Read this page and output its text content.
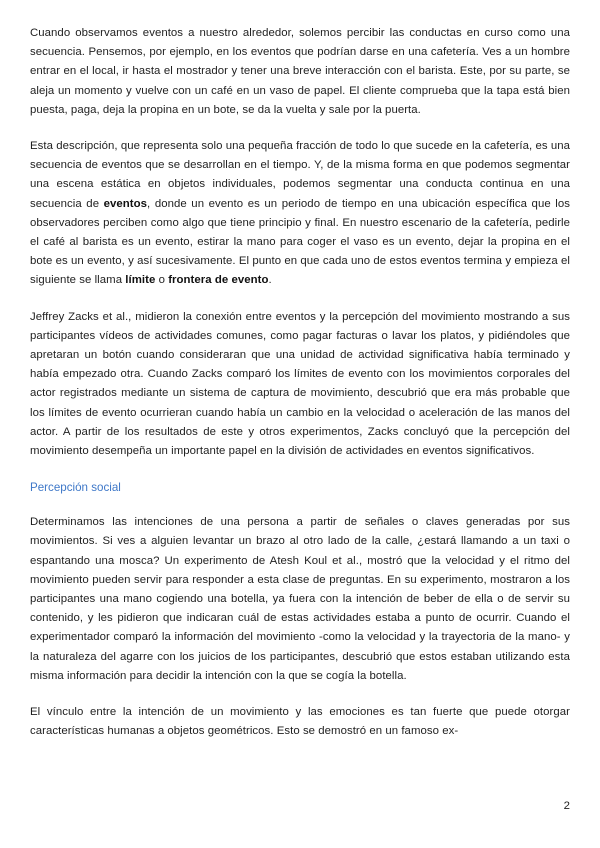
Cuando observamos eventos a nuestro alrededor, solemos percibir las conductas en curso como una secuencia. Pensemos, por ejemplo, en los eventos que podrían darse en una cafetería. Ves a un hombre entrar en el local, ir hasta el mostrador y tener una breve interacción con el barista. Este, por su parte, se aleja un momento y vuelve con un café en un vaso de papel. El cliente comprueba que la tapa está bien puesta, paga, deja la propina en un bote, se da la vuelta y sale por la puerta.

Esta descripción, que representa solo una pequeña fracción de todo lo que sucede en la cafetería, es una secuencia de eventos que se desarrollan en el tiempo. Y, de la misma forma en que podemos segmentar una escena estática en objetos individuales, podemos segmentar una conducta continua en una secuencia de eventos, donde un evento es un periodo de tiempo en una ubicación específica que los observadores perciben como algo que tiene principio y final. En nuestro escenario de la cafetería, pedirle el café al barista es un evento, estirar la mano para coger el vaso es un evento, dejar la propina en el bote es un evento, y así sucesivamente. El punto en que cada uno de estos eventos termina y empieza el siguiente se llama límite o frontera de evento.

Jeffrey Zacks et al., midieron la conexión entre eventos y la percepción del movimiento mostrando a sus participantes vídeos de actividades comunes, como pagar facturas o lavar los platos, y pidiéndoles que apretaran un botón cuando consideraran que una unidad de actividad significativa había terminado y había empezado otra. Cuando Zacks comparó los límites de evento con los movimientos corporales del actor registrados mediante un sistema de captura de movimiento, descubrió que era más probable que los límites de evento ocurrieran cuando había un cambio en la velocidad o aceleración de las manos del actor. A partir de los resultados de este y otros experimentos, Zacks concluyó que la percepción del movimiento desempeña un importante papel en la división de actividades en eventos significativos.

Percepción social

Determinamos las intenciones de una persona a partir de señales o claves generadas por sus movimientos. Si ves a alguien levantar un brazo al otro lado de la calle, ¿estará llamando a un taxi o espantando una mosca? Un experimento de Atesh Koul et al., mostró que la velocidad y el ritmo del movimiento pueden servir para responder a esta clase de preguntas. En su experimento, mostraron a los participantes una mano cogiendo una botella, ya fuera con la intención de beber de ella o de servir su contenido, y les pidieron que indicaran cuál de estas actividades estaba a punto de ocurrir. Cuando el experimentador comparó la información del movimiento -como la velocidad y la trayectoria de la mano- y la naturaleza del agarre con los juicios de los participantes, descubrió que estos estaban utilizando esta misma información para decidir la intención con la que se cogía la botella.

El vínculo entre la intención de un movimiento y las emociones es tan fuerte que puede otorgar características humanas a objetos geométricos. Esto se demostró en un famoso ex-

2
